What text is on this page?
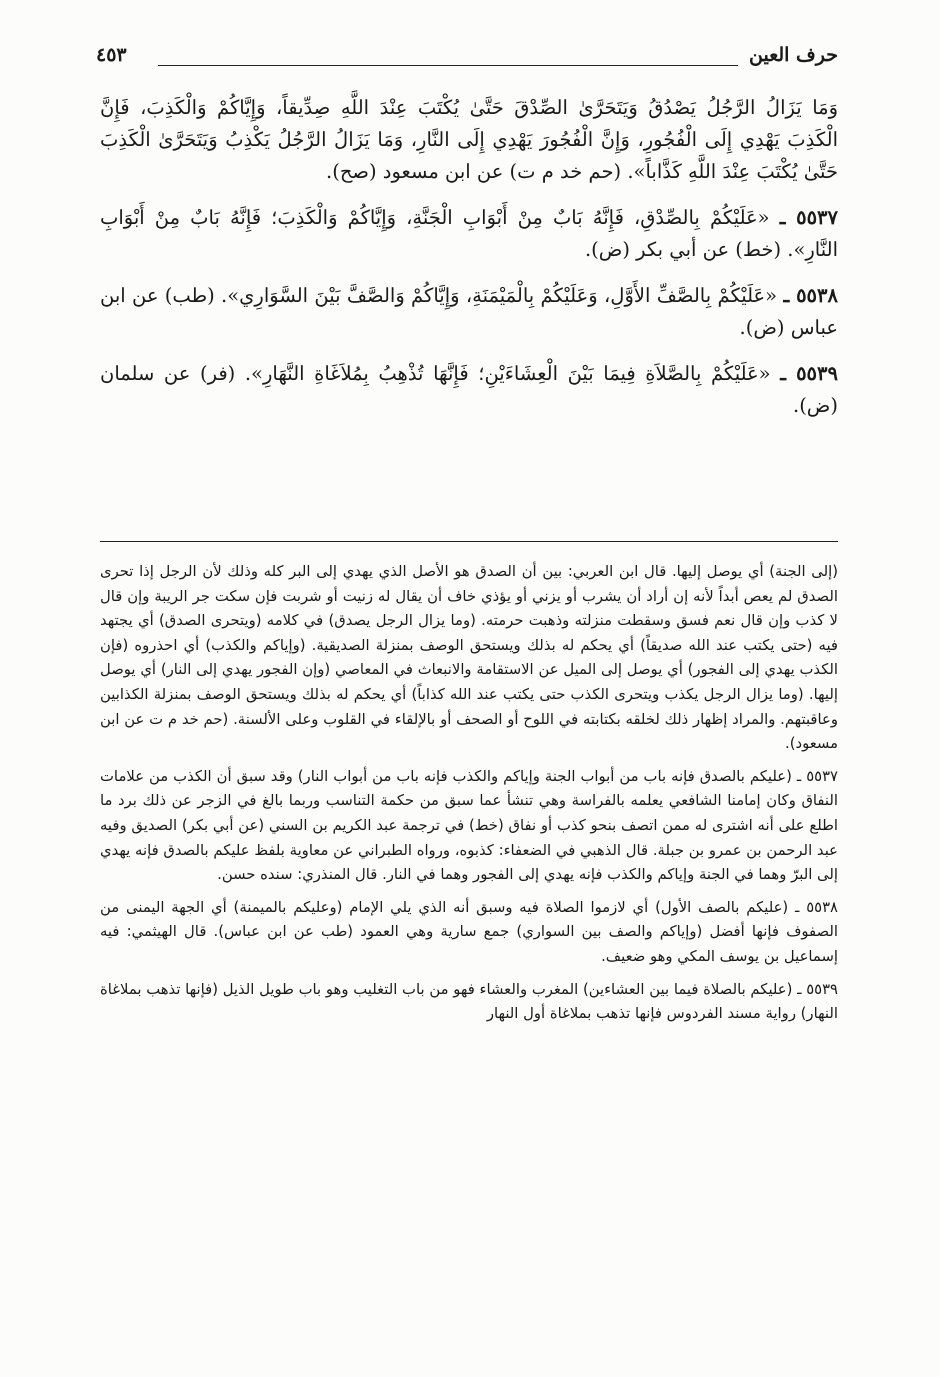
حرف العين
٤٥٣

وَمَا يَزَالُ الرَّجُلُ يَصْدُقُ وَيَتَحَرَّىٰ الصِّدْقَ حَتَّىٰ يُكْتَبَ عِنْدَ اللَّهِ صِدِّيقاً، وَإِيَّاكُمْ وَالْكَذِبَ، فَإِنَّ الْكَذِبَ يَهْدِي إِلَى الْفُجُورِ، وَإِنَّ الْفُجُورَ يَهْدِي إِلَى النَّارِ، وَمَا يَزَالُ الرَّجُلُ يَكْذِبُ وَيَتَحَرَّىٰ الْكَذِبَ حَتَّىٰ يُكْتَبَ عِنْدَ اللَّهِ كَذَّاباً». (حم خد م ت) عن ابن مسعود (صح).

٥٥٣٧ ـ «عَلَيْكُمْ بِالصِّدْقِ، فَإِنَّهُ بَابٌ مِنْ أَبْوَابِ الْجَنَّةِ، وَإِيَّاكُمْ وَالْكَذِبَ؛ فَإِنَّهُ بَابٌ مِنْ أَبْوَابِ النَّارِ». (خط) عن أبي بكر (ض).

٥٥٣٨ ـ «عَلَيْكُمْ بِالصَّفِّ الأَوَّلِ، وَعَلَيْكُمْ بِالْمَيْمَنَةِ، وَإِيَّاكُمْ وَالصَّفَّ بَيْنَ السَّوَارِي». (طب) عن ابن عباس (ض).

٥٥٣٩ ـ «عَلَيْكُمْ بِالصَّلاَةِ فِيمَا بَيْنَ الْعِشَاءَيْنِ؛ فَإِنَّهَا تُذْهِبُ بِمُلاَغَاةِ النَّهَارِ». (فر) عن سلمان (ض).

(إلى الجنة) أي يوصل إليها. قال ابن العربي: بين أن الصدق هو الأصل الذي يهدي إلى البر كله وذلك لأن الرجل إذا تحرى الصدق لم يعص أبداً لأنه إن أراد أن يشرب أو يزني أو يؤذي خاف أن يقال له زنيت أو شربت فإن سكت جر الريبة وإن قال لا كذب وإن قال نعم فسق وسقطت منزلته وذهبت حرمته. (وما يزال الرجل يصدق) في كلامه (ويتحرى الصدق) أي يجتهد فيه (حتى يكتب عند الله صديقاً) أي يحكم له بذلك ويستحق الوصف بمنزلة الصديقية. (وإياكم والكذب) أي احذروه (فإن الكذب يهدي إلى الفجور) أي يوصل إلى الميل عن الاستقامة والانبعاث في المعاصي (وإن الفجور يهدي إلى النار) أي يوصل إليها. (وما يزال الرجل يكذب ويتحرى الكذب حتى يكتب عند الله كذاباً) أي يحكم له بذلك ويستحق الوصف بمنزلة الكذابين وعاقبتهم. والمراد إظهار ذلك لخلقه بكتابته في اللوح أو الصحف أو بالإلقاء في القلوب وعلى الألسنة. (حم خد م ت عن ابن مسعود).

٥٥٣٧ ـ (عليكم بالصدق فإنه باب من أبواب الجنة وإياكم والكذب فإنه باب من أبواب النار) وقد سبق أن الكذب من علامات النفاق وكان إمامنا الشافعي يعلمه بالفراسة وهي تنشأ عما سبق من حكمة التناسب وربما بالغ في الزجر عن ذلك برد ما اطلع على أنه اشترى له ممن اتصف بنحو كذب أو نفاق (خط) في ترجمة عبد الكريم بن السني (عن أبي بكر) الصديق وفيه عبد الرحمن بن عمرو بن جبلة. قال الذهبي في الضعفاء: كذبوه، ورواه الطبراني عن معاوية بلفظ عليكم بالصدق فإنه يهدي إلى البرّ وهما في الجنة وإياكم والكذب فإنه يهدي إلى الفجور وهما في النار. قال المنذري: سنده حسن.

٥٥٣٨ ـ (عليكم بالصف الأول) أي لازموا الصلاة فيه وسبق أنه الذي يلي الإمام (وعليكم بالميمنة) أي الجهة اليمنى من الصفوف فإنها أفضل (وإياكم والصف بين السواري) جمع سارية وهي العمود (طب عن ابن عباس). قال الهيثمي: فيه إسماعيل بن يوسف المكي وهو ضعيف.

٥٥٣٩ ـ (عليكم بالصلاة فيما بين العشاءين) المغرب والعشاء فهو من باب التغليب وهو باب طويل الذيل (فإنها تذهب بملاغاة النهار) رواية مسند الفردوس فإنها تذهب بملاغاة أول النهار
